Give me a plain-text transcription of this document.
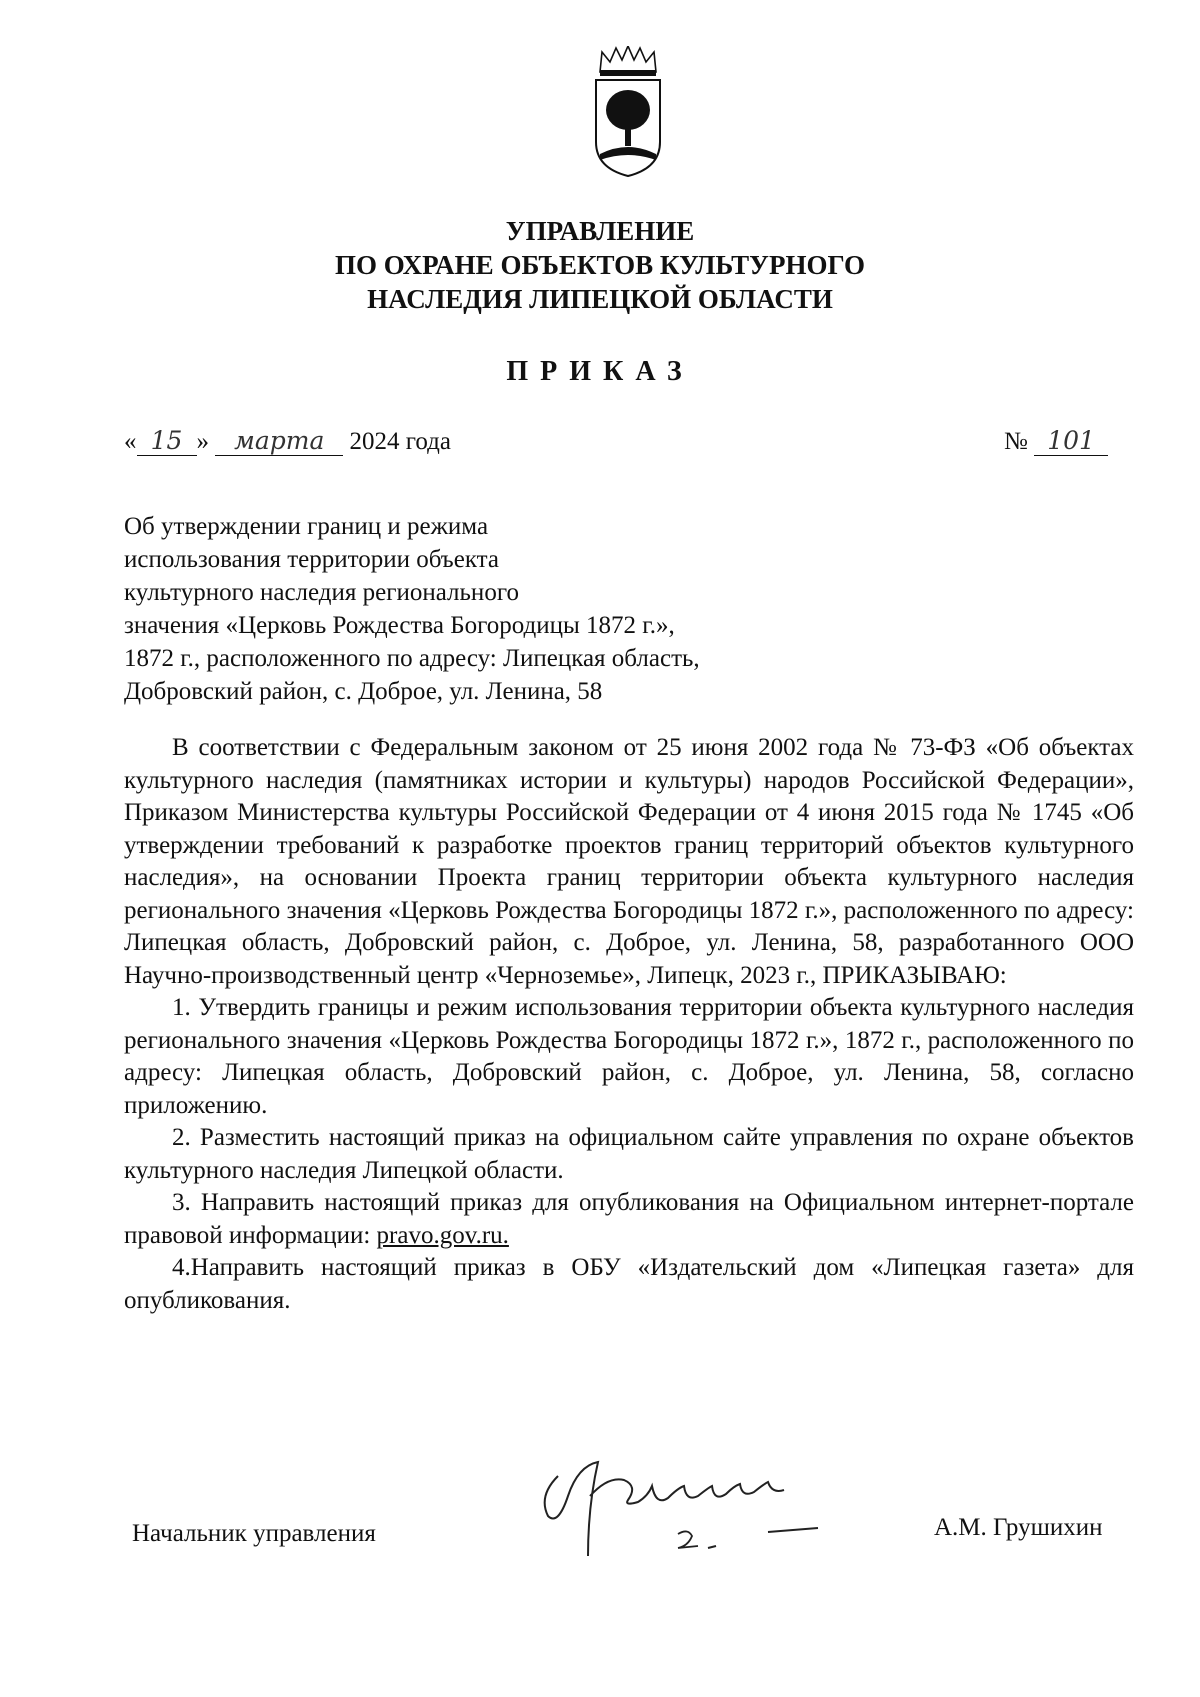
УПРАВЛЕНИЕ
ПО ОХРАНЕ ОБЪЕКТОВ КУЛЬТУРНОГО
НАСЛЕДИЯ ЛИПЕЦКОЙ ОБЛАСТИ
ПРИКАЗ
« 15 » марта 2024 года	№ 101
Об утверждении границ и режима
использования территории объекта
культурного наследия регионального
значения «Церковь Рождества Богородицы 1872 г.»,
1872 г., расположенного по адресу: Липецкая область,
Добровский район, с. Доброе, ул. Ленина, 58

В соответствии с Федеральным законом от 25 июня 2002 года № 73-ФЗ «Об объектах культурного наследия (памятниках истории и культуры) народов Российской Федерации», Приказом Министерства культуры Российской Федерации от 4 июня 2015 года № 1745 «Об утверждении требований к разработке проектов границ территорий объектов культурного наследия», на основании Проекта границ территории объекта культурного наследия регионального значения «Церковь Рождества Богородицы 1872 г.», расположенного по адресу: Липецкая область, Добровский район, с. Доброе, ул. Ленина, 58, разработанного ООО Научно-производственный центр «Черноземье», Липецк, 2023 г., ПРИКАЗЫВАЮ:

1. Утвердить границы и режим использования территории объекта культурного наследия регионального значения «Церковь Рождества Богородицы 1872 г.», 1872 г., расположенного по адресу: Липецкая область, Добровский район, с. Доброе, ул. Ленина, 58, согласно приложению.

2. Разместить настоящий приказ на официальном сайте управления по охране объектов культурного наследия Липецкой области.

3. Направить настоящий приказ для опубликования на Официальном интернет-портале правовой информации: pravo.gov.ru.

4.Направить настоящий приказ в ОБУ «Издательский дом «Липецкая газета» для опубликования.

Начальник управления	А.М. Грушихин
